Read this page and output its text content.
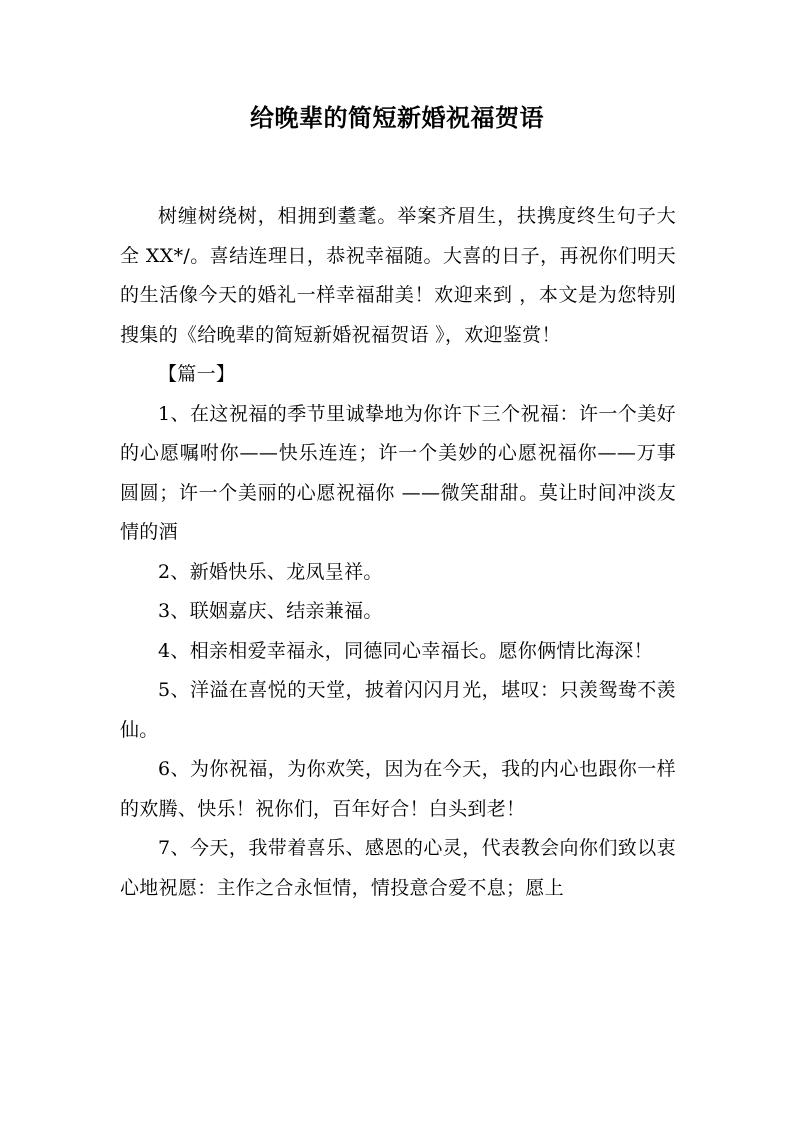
给晚辈的简短新婚祝福贺语

树缠树绕树，相拥到耋耄。举案齐眉生，扶携度终生句子大全 XX*/。喜结连理日，恭祝幸福随。大喜的日子，再祝你们明天的生活像今天的婚礼一样幸福甜美！欢迎来到 ，本文是为您特别搜集的《给晚辈的简短新婚祝福贺语 》，欢迎鉴赏！

【篇一】

1、在这祝福的季节里诚挚地为你许下三个祝福：许一个美好的心愿嘱咐你——快乐连连；许一个美妙的心愿祝福你——万事圆圆；许一个美丽的心愿祝福你 ——微笑甜甜。莫让时间冲淡友情的酒

2、新婚快乐、龙凤呈祥。

3、联姻嘉庆、结亲兼福。

4、相亲相爱幸福永，同德同心幸福长。愿你俩情比海深！

5、洋溢在喜悦的天堂，披着闪闪月光，堪叹：只羡鸳鸯不羡仙。

6、为你祝福，为你欢笑，因为在今天，我的内心也跟你一样的欢腾、快乐！祝你们，百年好合！白头到老！

7、今天，我带着喜乐、感恩的心灵，代表教会向你们致以衷心地祝愿：主作之合永恒情，情投意合爱不息；愿上
